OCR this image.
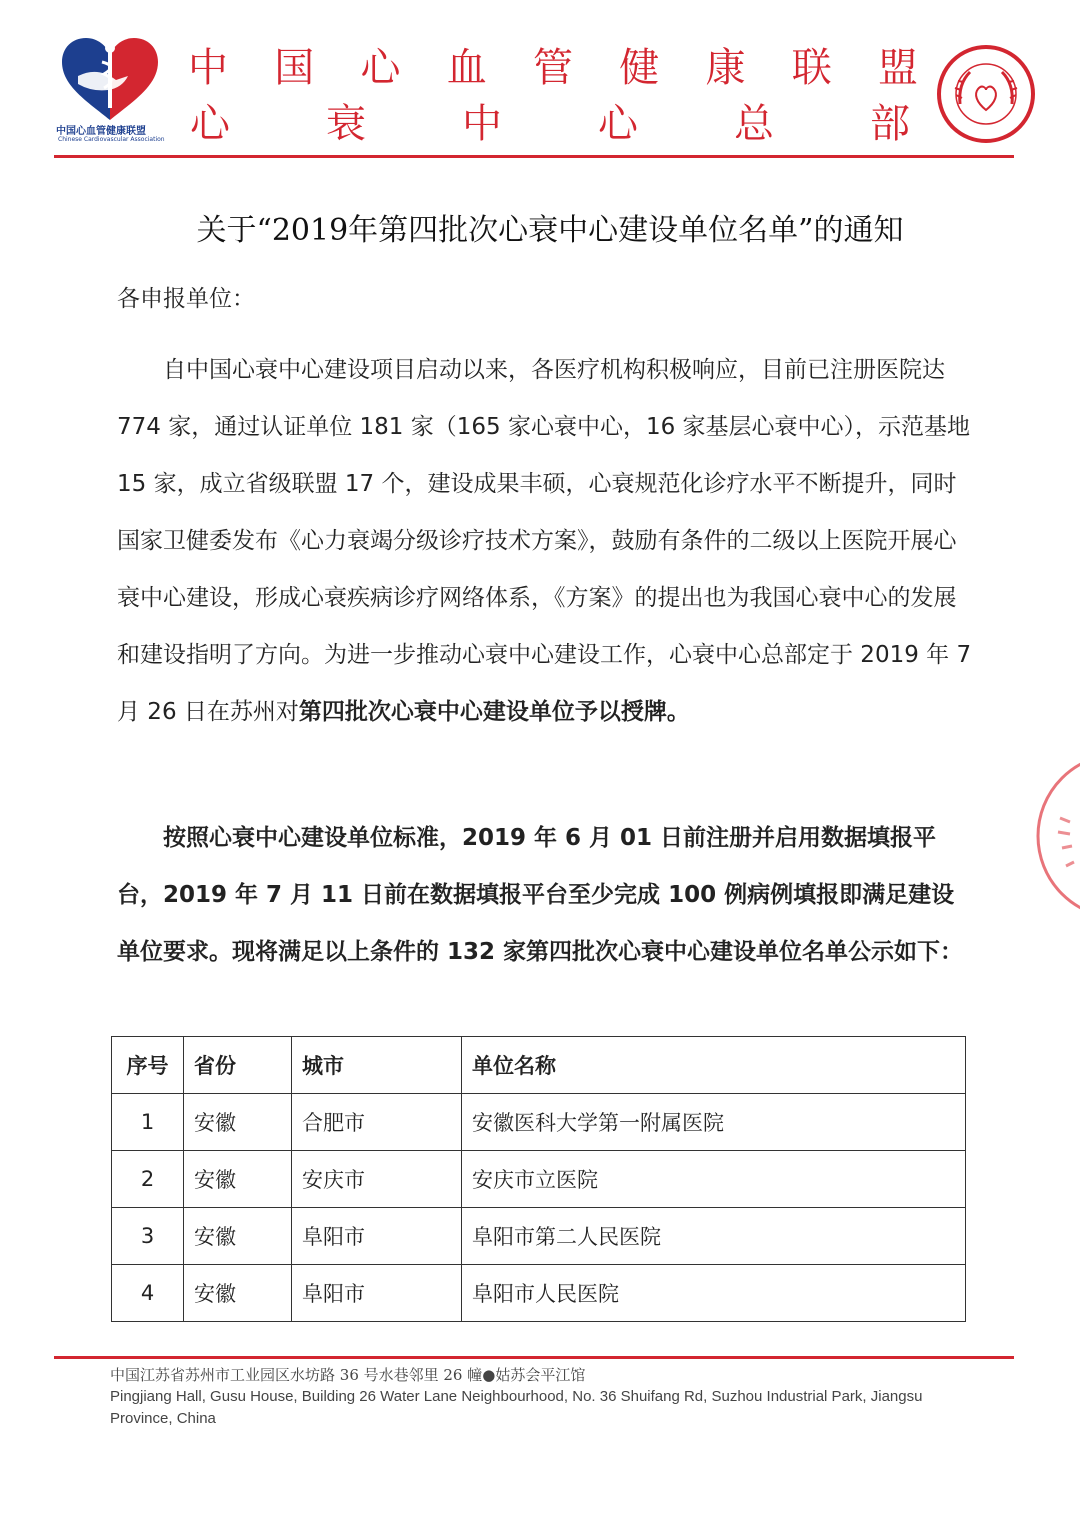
中国心血管健康联盟
Chinese Cardiovascular Association
中 国 心 血 管 健 康 联 盟
心 衰 中 心 总 部
关于“2019年第四批次心衰中心建设单位名单”的通知
各申报单位：
自中国心衰中心建设项目启动以来，各医疗机构积极响应，目前已注册医院达 774 家，通过认证单位 181 家（165 家心衰中心，16 家基层心衰中心），示范基地 15 家，成立省级联盟 17 个，建设成果丰硕，心衰规范化诊疗水平不断提升，同时国家卫健委发布《心力衰竭分级诊疗技术方案》，鼓励有条件的二级以上医院开展心衰中心建设，形成心衰疾病诊疗网络体系，《方案》的提出也为我国心衰中心的发展和建设指明了方向。为进一步推动心衰中心建设工作，心衰中心总部定于 2019 年 7 月 26 日在苏州对第四批次心衰中心建设单位予以授牌。
按照心衰中心建设单位标准，2019 年 6 月 01 日前注册并启用数据填报平台，2019 年 7 月 11 日前在数据填报平台至少完成 100 例病例填报即满足建设单位要求。现将满足以上条件的 132 家第四批次心衰中心建设单位名单公示如下：
序号	省份	城市	单位名称
1	安徽	合肥市	安徽医科大学第一附属医院
2	安徽	安庆市	安庆市立医院
3	安徽	阜阳市	阜阳市第二人民医院
4	安徽	阜阳市	阜阳市人民医院
中国江苏省苏州市工业园区水坊路 36 号水巷邻里 26 幢●姑苏会平江馆
Pingjiang Hall, Gusu House, Building 26 Water Lane Neighbourhood, No. 36 Shuifang Rd, Suzhou Industrial Park, Jiangsu Province, China
